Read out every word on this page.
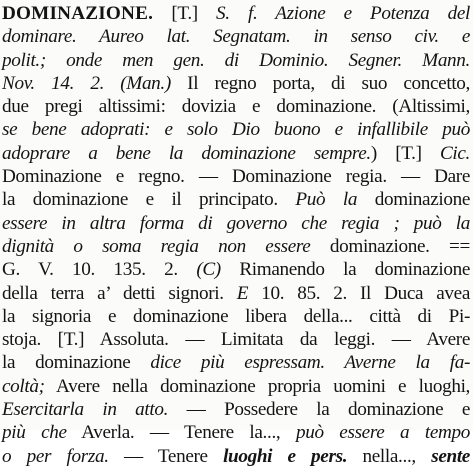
DOMINAZIONE. [T.] S. f. Azione e Potenza del
dominare. Aureo lat. Segnatam. in senso civ. e
polit.; onde men gen. di Dominio. Segner. Mann.
Nov. 14. 2. (Man.) Il regno porta, di suo concetto,
due pregi altissimi: dovizia e dominazione. (Altissimi,
se bene adoprati: e solo Dio buono e infallibile può
adoprare a bene la dominazione sempre.) [T.] Cic.
Dominazione e regno. — Dominazione regia. — Dare
la dominazione e il principato. Può la dominazione
essere in altra forma di governo che regia ; può la
dignità o soma regia non essere dominazione. ==
G. V. 10. 135. 2. (C) Rimanendo la dominazione
della terra a’ detti signori. E 10. 85. 2. Il Duca avea
la signoria e dominazione libera della... città di Pi-
stoja. [T.] Assoluta. — Limitata da leggi. — Avere
la dominazione dice più espressam. Averne la fa-
coltà; Avere nella dominazione propria uomini e luoghi,
Esercitarla in atto. — Possedere la dominazione e
più che Averla. — Tenere la..., può essere a tempo
o per forza. — Tenere luoghi e pers. nella..., sente
